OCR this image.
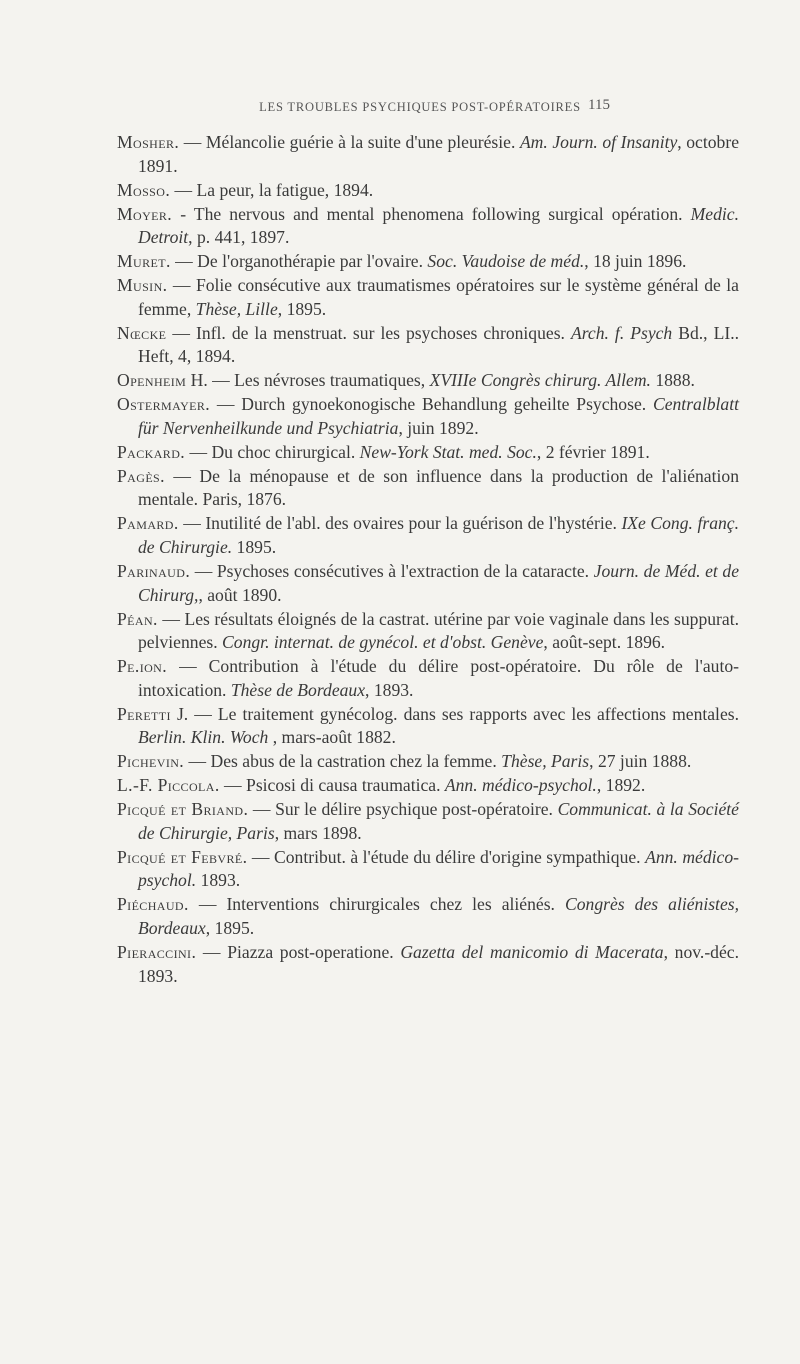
LES TROUBLES PSYCHIQUES POST-OPÉRATOIRES 115
Mosher. — Mélancolie guérie à la suite d'une pleurésie. Am. Journ. of Insanity, octobre 1891.
Mosso. — La peur, la fatigue, 1894.
Moyer. - The nervous and mental phenomena following surgical opération. Medic. Detroit, p. 441, 1897.
Muret. — De l'organothérapie par l'ovaire. Soc. Vaudoise de méd., 18 juin 1896.
Musin. — Folie consécutive aux traumatismes opératoires sur le système général de la femme, Thèse, Lille, 1895.
Nœcke — Infl. de la menstruat. sur les psychoses chroniques. Arch. f. Psych Bd., LI.. Heft, 4, 1894.
Openheim H. — Les névroses traumatiques, XVIIIe Congrès chirurg. Allem. 1888.
Ostermayer. — Durch gynoekonogische Behandlung geheilte Psychose. Centralblatt für Nervenheilkunde und Psychiatria, juin 1892.
Packard. — Du choc chirurgical. New-York Stat. med. Soc., 2 février 1891.
Pagès. — De la ménopause et de son influence dans la production de l'aliénation mentale. Paris, 1876.
Pamard. — Inutilité de l'abl. des ovaires pour la guérison de l'hystérie. IXe Cong. franç. de Chirurgie. 1895.
Parinaud. — Psychoses consécutives à l'extraction de la cataracte. Journ. de Méd. et de Chirurg,, août 1890.
Péan. — Les résultats éloignés de la castrat. utérine par voie vaginale dans les suppurat. pelviennes. Congr. internat. de gynécol. et d'obst. Genève, août-sept. 1896.
Pe.ion. — Contribution à l'étude du délire post-opératoire. Du rôle de l'auto-intoxication. Thèse de Bordeaux, 1893.
Peretti J. — Le traitement gynécolog. dans ses rapports avec les affections mentales. Berlin. Klin. Woch , mars-août 1882.
Pichevin. — Des abus de la castration chez la femme. Thèse, Paris, 27 juin 1888.
L.-F. Piccola. — Psicosi di causa traumatica. Ann. médico-psychol., 1892.
Picqué et Briand. — Sur le délire psychique post-opératoire. Communicat. à la Société de Chirurgie, Paris, mars 1898.
Picqué et Febvré. — Contribut. à l'étude du délire d'origine sympathique. Ann. médico-psychol. 1893.
Piéchaud. — Interventions chirurgicales chez les aliénés. Congrès des aliénistes, Bordeaux, 1895.
Pieraccini. — Piazza post-operatione. Gazetta del manicomio di Macerata, nov.-déc. 1893.
